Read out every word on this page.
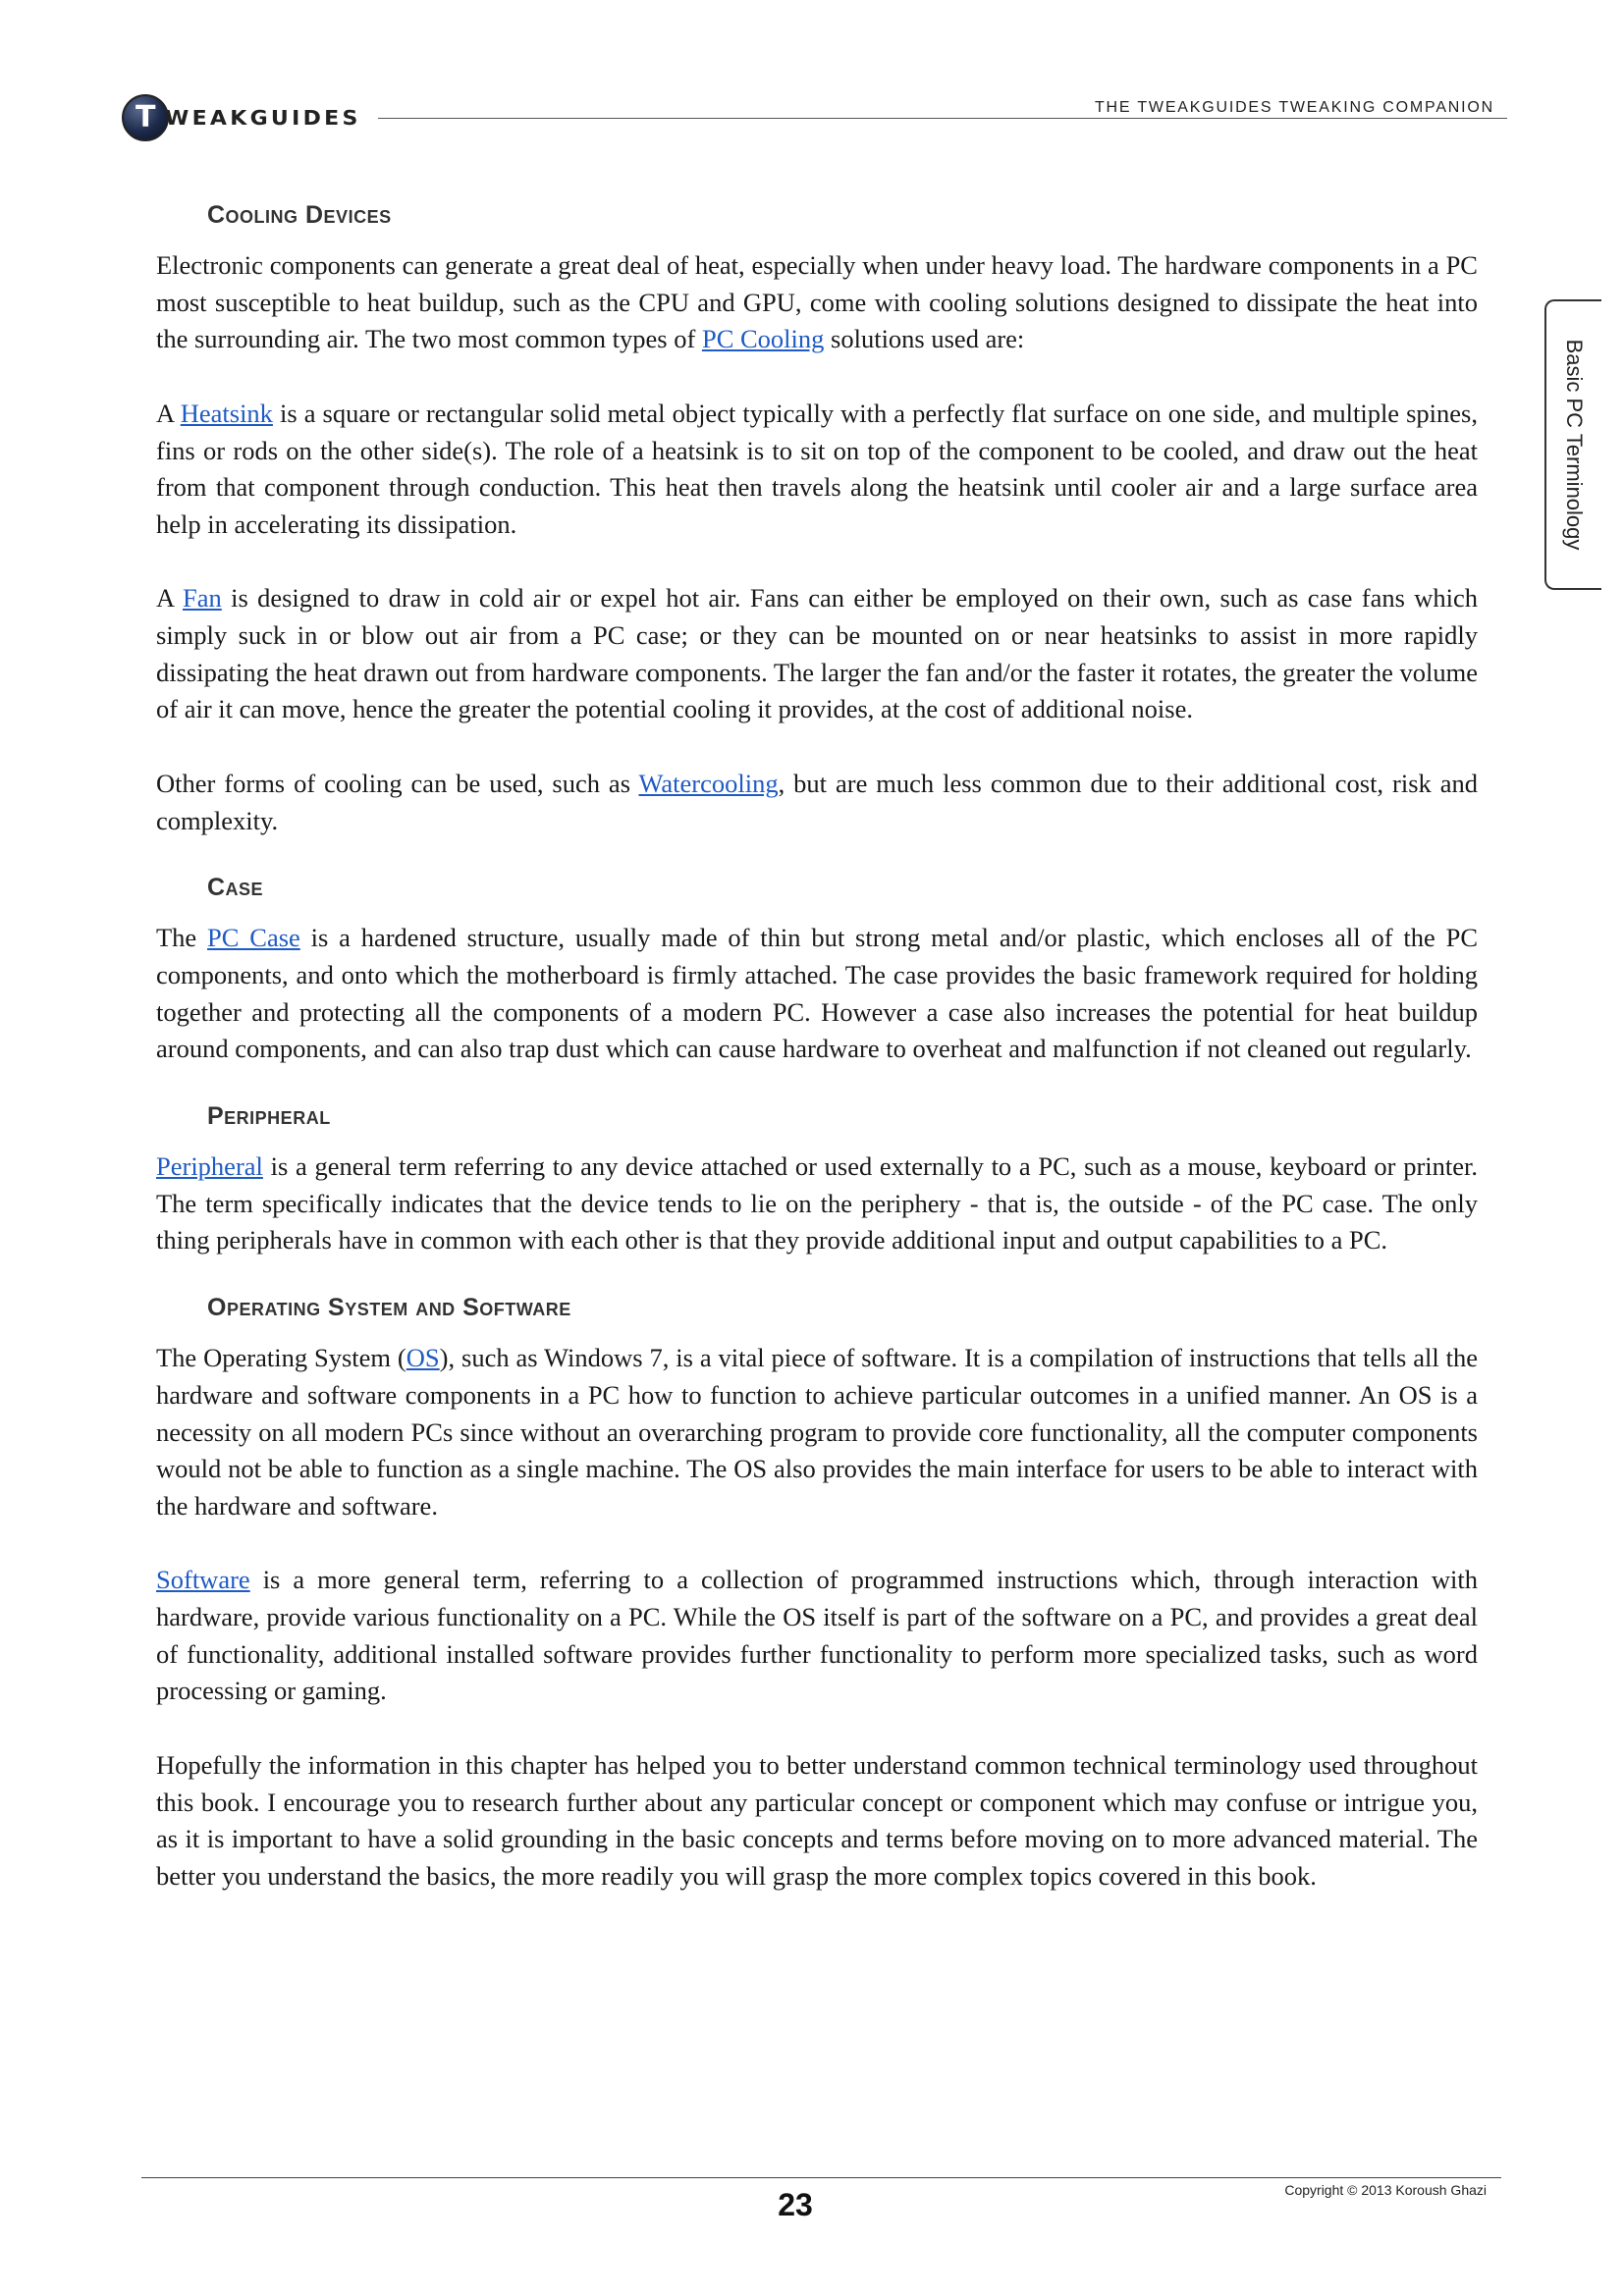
T
WEAKGUIDES	THE TWEAKGUIDES TWEAKING COMPANION
Basic PC Terminology
Cooling Devices

Electronic components can generate a great deal of heat, especially when under heavy load. The hardware components in a PC most susceptible to heat buildup, such as the CPU and GPU, come with cooling solutions designed to dissipate the heat into the surrounding air. The two most common types of PC Cooling solutions used are:

A Heatsink is a square or rectangular solid metal object typically with a perfectly flat surface on one side, and multiple spines, fins or rods on the other side(s). The role of a heatsink is to sit on top of the component to be cooled, and draw out the heat from that component through conduction. This heat then travels along the heatsink until cooler air and a large surface area help in accelerating its dissipation.

A Fan is designed to draw in cold air or expel hot air. Fans can either be employed on their own, such as case fans which simply suck in or blow out air from a PC case; or they can be mounted on or near heatsinks to assist in more rapidly dissipating the heat drawn out from hardware components. The larger the fan and/or the faster it rotates, the greater the volume of air it can move, hence the greater the potential cooling it provides, at the cost of additional noise.

Other forms of cooling can be used, such as Watercooling, but are much less common due to their additional cost, risk and complexity.

Case

The PC Case is a hardened structure, usually made of thin but strong metal and/or plastic, which encloses all of the PC components, and onto which the motherboard is firmly attached. The case provides the basic framework required for holding together and protecting all the components of a modern PC. However a case also increases the potential for heat buildup around components, and can also trap dust which can cause hardware to overheat and malfunction if not cleaned out regularly.

Peripheral

Peripheral is a general term referring to any device attached or used externally to a PC, such as a mouse, keyboard or printer. The term specifically indicates that the device tends to lie on the periphery - that is, the outside - of the PC case. The only thing peripherals have in common with each other is that they provide additional input and output capabilities to a PC.

Operating System and Software

The Operating System (OS), such as Windows 7, is a vital piece of software. It is a compilation of instructions that tells all the hardware and software components in a PC how to function to achieve particular outcomes in a unified manner. An OS is a necessity on all modern PCs since without an overarching program to provide core functionality, all the computer components would not be able to function as a single machine. The OS also provides the main interface for users to be able to interact with the hardware and software.

Software is a more general term, referring to a collection of programmed instructions which, through interaction with hardware, provide various functionality on a PC. While the OS itself is part of the software on a PC, and provides a great deal of functionality, additional installed software provides further functionality to perform more specialized tasks, such as word processing or gaming.

Hopefully the information in this chapter has helped you to better understand common technical terminology used throughout this book. I encourage you to research further about any particular concept or component which may confuse or intrigue you, as it is important to have a solid grounding in the basic concepts and terms before moving on to more advanced material. The better you understand the basics, the more readily you will grasp the more complex topics covered in this book.

23	Copyright © 2013 Koroush Ghazi
